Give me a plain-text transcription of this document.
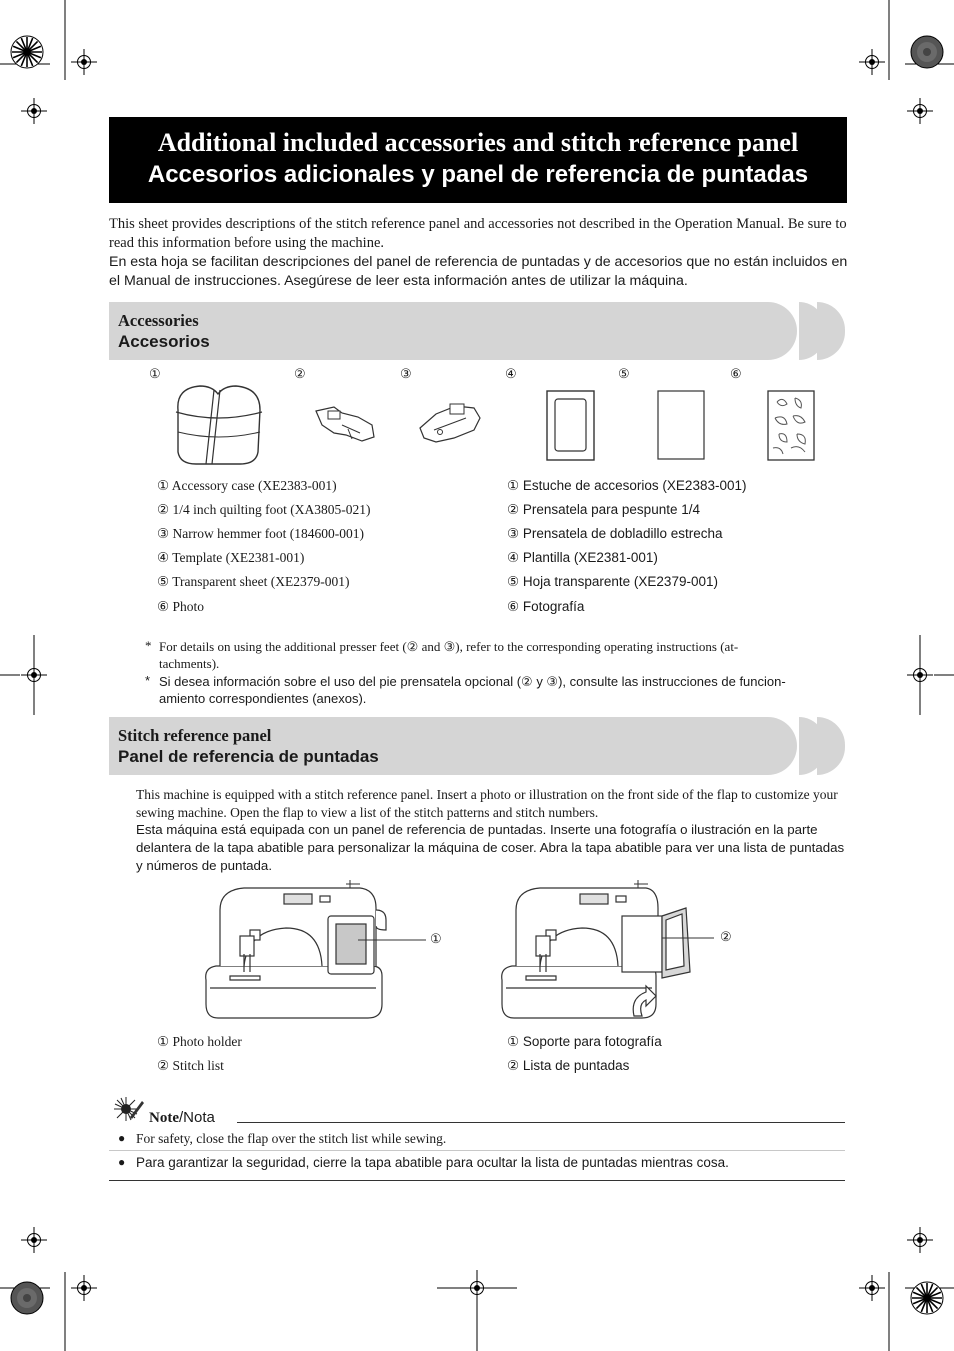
Additional included accessories and stitch reference panel
Accesorios adicionales y panel de referencia de puntadas
This sheet provides descriptions of the stitch reference panel and accessories not described in the Operation Manual. Be sure to read this information before using the machine.
En esta hoja se facilitan descripciones del panel de referencia de puntadas y de accesorios que no están incluidos en el Manual de instrucciones. Asegúrese de leer esta información antes de utilizar la máquina.
Accessories
Accesorios
①	②	③	④	⑤	⑥
① Accessory case (XE2383-001)
② 1/4 inch quilting foot (XA3805-021)
③ Narrow hemmer foot (184600-001)
④ Template (XE2381-001)
⑤ Transparent sheet (XE2379-001)
⑥ Photo
① Estuche de accesorios (XE2383-001)
② Prensatela para pespunte 1/4
③ Prensatela de dobladillo estrecha
④ Plantilla (XE2381-001)
⑤ Hoja transparente (XE2379-001)
⑥ Fotografía
* For details on using the additional presser feet (② and ③), refer to the corresponding operating instructions (at-
tachments).
* Si desea información sobre el uso del pie prensatela opcional (② y ③), consulte las instrucciones de funcion-
amiento correspondientes (anexos).
Stitch reference panel
Panel de referencia de puntadas
This machine is equipped with a stitch reference panel. Insert a photo or illustration on the front side of the flap to customize your sewing machine. Open the flap to view a list of the stitch patterns and stitch numbers.
Esta máquina está equipada con un panel de referencia de puntadas. Inserte una fotografía o ilustración en la parte delantera de la tapa abatible para personalizar la máquina de coser. Abra la tapa abatible para ver una lista de puntadas y números de puntada.
①	②
① Photo holder
② Stitch list
① Soporte para fotografía
② Lista de puntadas
Note/Nota
● For safety, close the flap over the stitch list while sewing.
● Para garantizar la seguridad, cierre la tapa abatible para ocultar la lista de puntadas mientras cosa.
